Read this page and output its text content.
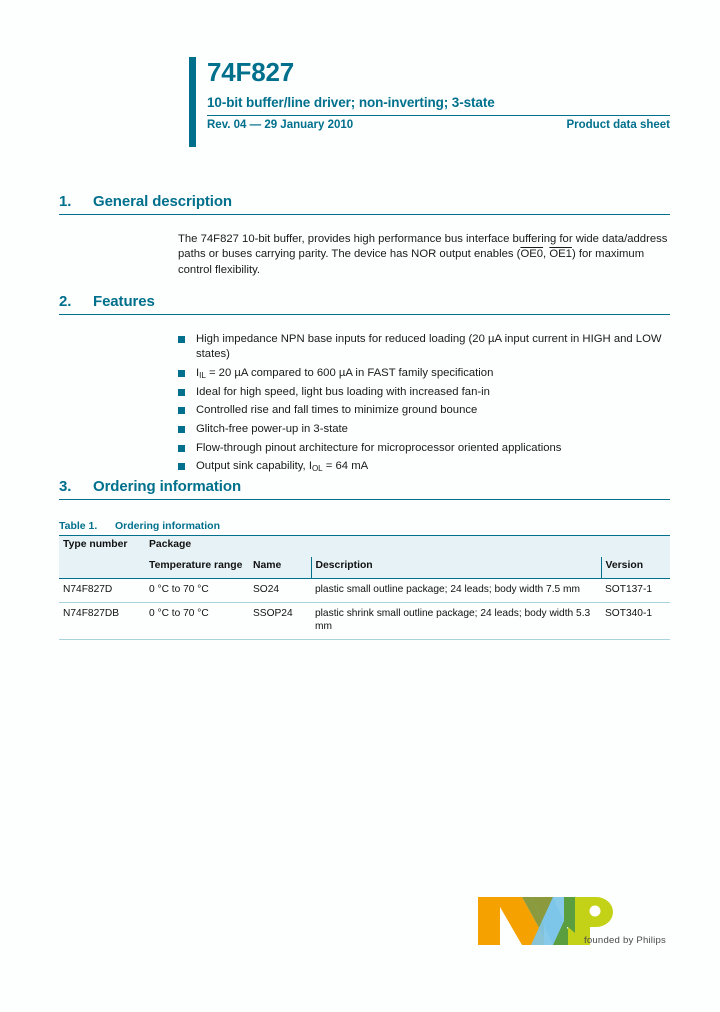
74F827
10-bit buffer/line driver; non-inverting; 3-state
Rev. 04 — 29 January 2010	Product data sheet
1.	General description
The 74F827 10-bit buffer, provides high performance bus interface buffering for wide data/address paths or buses carrying parity. The device has NOR output enables (OE0, OE1) for maximum control flexibility.
2.	Features
High impedance NPN base inputs for reduced loading (20 µA input current in HIGH and LOW states)
$I_{IL} = 20$ µA compared to 600 µA in FAST family specification
Ideal for high speed, light bus loading with increased fan-in
Controlled rise and fall times to minimize ground bounce
Glitch-free power-up in 3-state
Flow-through pinout architecture for microprocessor oriented applications
Output sink capability, $I_{OL} = 64$ mA
3.	Ordering information
Table 1. Ordering information
Type number	Package			
	Temperature range	Name	Description	Version
N74F827D	0 °C to 70 °C	SO24	plastic small outline package; 24 leads; body width 7.5 mm	SOT137-1
N74F827DB	0 °C to 70 °C	SSOP24	plastic shrink small outline package; 24 leads; body width 5.3 mm	SOT340-1
founded by Philips
